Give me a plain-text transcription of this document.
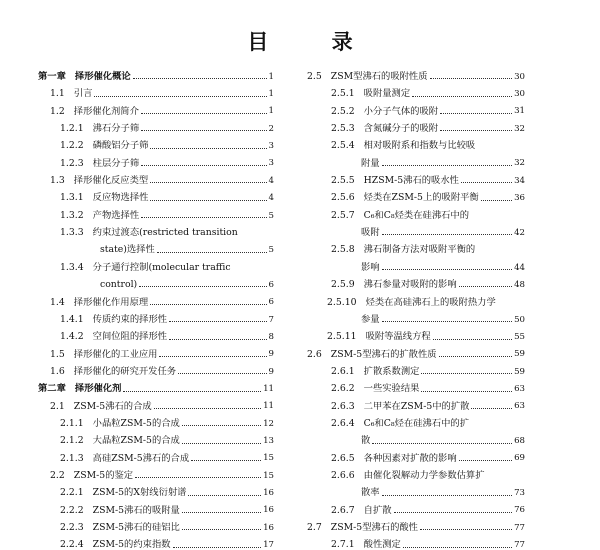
目 录
第一章 择形催化概论	1
1.1 引言	1
1.2 择形催化剂简介	1
1.2.1 沸石分子筛	2
1.2.2 磷酸铝分子筛	3
1.2.3 柱层分子筛	3
1.3 择形催化反应类型	4
1.3.1 反应物选择性	4
1.3.2 产物选择性	5
1.3.3 约束过渡态(restricted transition
state)选择性	5
1.3.4 分子通行控制(molecular traffic
control)	6
1.4 择形催化作用原理	6
1.4.1 传质约束的择形性	7
1.4.2 空间位阻的择形性	8
1.5 择形催化的工业应用	9
1.6 择形催化的研究开发任务	9
第二章 择形催化剂	11
2.1 ZSM-5沸石的合成	11
2.1.1 小晶粒ZSM-5的合成	12
2.1.2 大晶粒ZSM-5的合成	13
2.1.3 高硅ZSM-5沸石的合成	15
2.2 ZSM-5的鉴定	15
2.2.1 ZSM-5的X射线衍射谱	16
2.2.2 ZSM-5沸石的吸附量	16
2.2.3 ZSM-5沸石的硅铝比	16
2.2.4 ZSM-5的约束指数	17
2.5 ZSM型沸石的吸附性质	30
2.5.1 吸附量测定	30
2.5.2 小分子气体的吸附	31
2.5.3 含氮碱分子的吸附	32
2.5.4 相对吸附系和指数与比较吸
附量	32
2.5.5 HZSM-5沸石的吸水性	34
2.5.6 烃类在ZSM-5上的吸附平衡	36
2.5.7 C₆和C₈烃类在硅沸石中的
吸附	42
2.5.8 沸石制备方法对吸附平衡的
影响	44
2.5.9 沸石参量对吸附的影响	48
2.5.10 烃类在高硅沸石上的吸附热力学
参量	50
2.5.11 吸附等温线方程	55
2.6 ZSM-5型沸石的扩散性质	59
2.6.1 扩散系数测定	59
2.6.2 一些实验结果	63
2.6.3 二甲苯在ZSM-5中的扩散	63
2.6.4 C₆和C₈烃在硅沸石中的扩
散	68
2.6.5 各种因素对扩散的影响	69
2.6.6 由催化裂解动力学参数估算扩
散率	73
2.6.7 自扩散	76
2.7 ZSM-5型沸石的酸性	77
2.7.1 酸性测定	77
